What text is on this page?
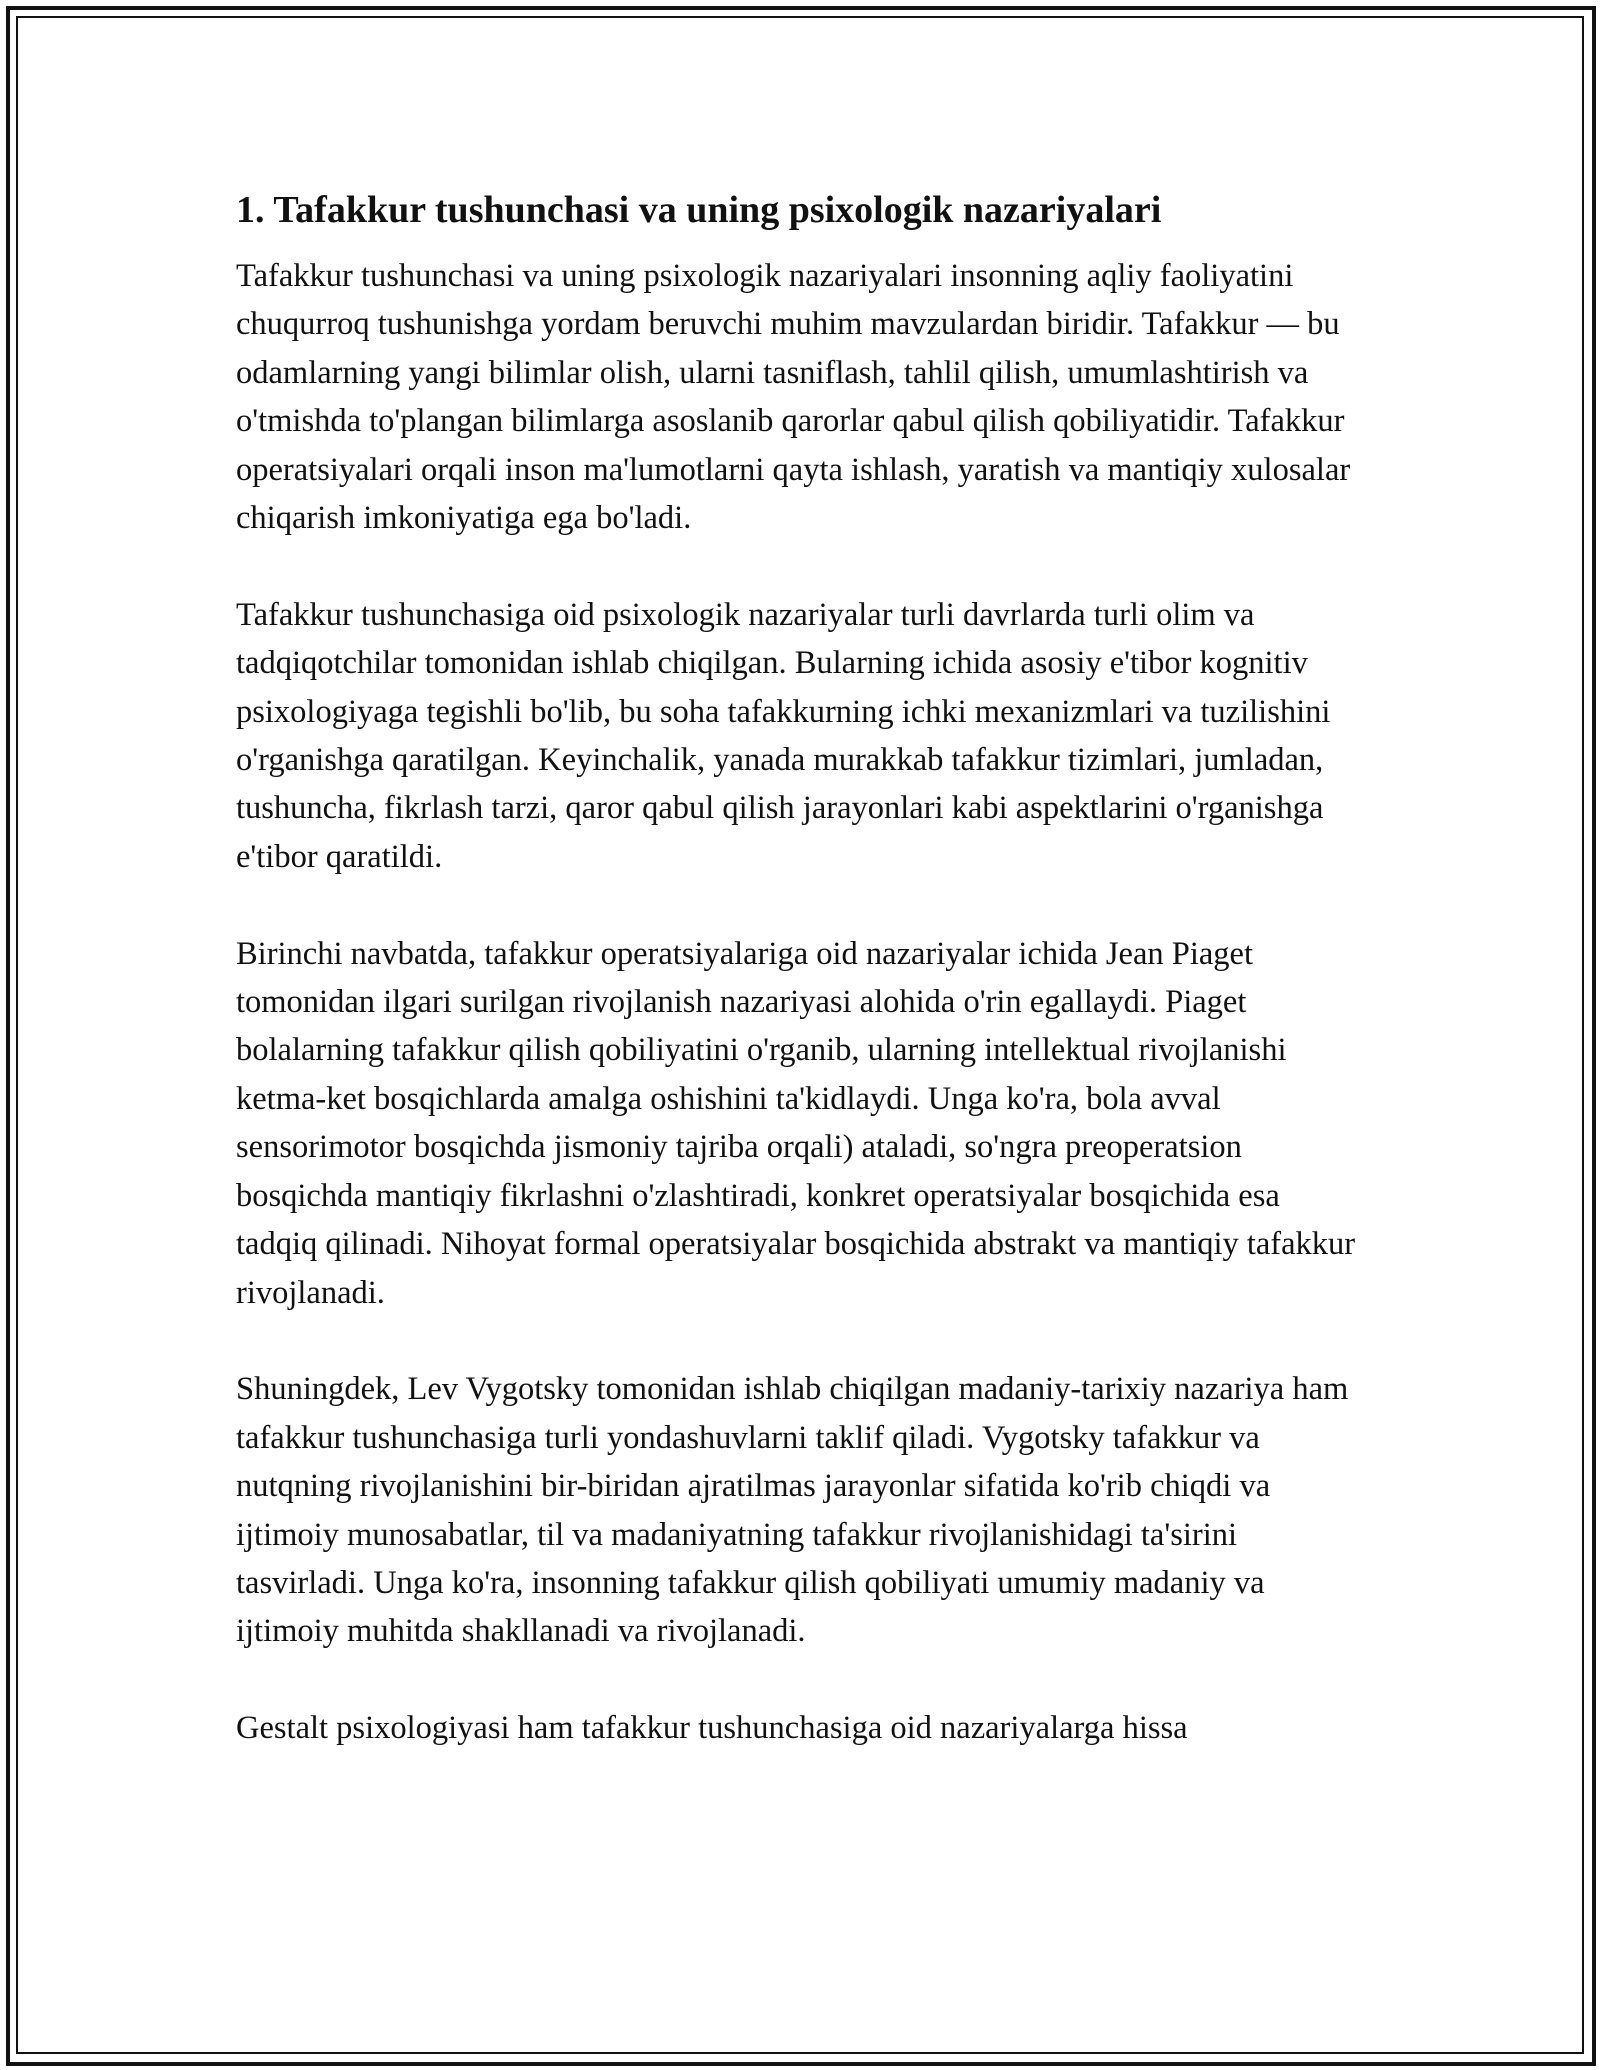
1. Tafakkur tushunchasi va uning psixologik nazariyalari

Tafakkur tushunchasi va uning psixologik nazariyalari insonning aqliy faoliyatini chuqurroq tushunishga yordam beruvchi muhim mavzulardan biridir. Tafakkur — bu odamlarning yangi bilimlar olish, ularni tasniflash, tahlil qilish, umumlashtirish va o'tmishda to'plangan bilimlarga asoslanib qarorlar qabul qilish qobiliyatidir. Tafakkur operatsiyalari orqali inson ma'lumotlarni qayta ishlash, yaratish va mantiqiy xulosalar chiqarish imkoniyatiga ega bo'ladi.

Tafakkur tushunchasiga oid psixologik nazariyalar turli davrlarda turli olim va tadqiqotchilar tomonidan ishlab chiqilgan. Bularning ichida asosiy e'tibor kognitiv psixologiyaga tegishli bo'lib, bu soha tafakkurning ichki mexanizmlari va tuzilishini o'rganishga qaratilgan. Keyinchalik, yanada murakkab tafakkur tizimlari, jumladan, tushuncha, fikrlash tarzi, qaror qabul qilish jarayonlari kabi aspektlarini o'rganishga e'tibor qaratildi.

Birinchi navbatda, tafakkur operatsiyalariga oid nazariyalar ichida Jean Piaget tomonidan ilgari surilgan rivojlanish nazariyasi alohida o'rin egallaydi. Piaget bolalarning tafakkur qilish qobiliyatini o'rganib, ularning intellektual rivojlanishi ketma-ket bosqichlarda amalga oshishini ta'kidlaydi. Unga ko'ra, bola avval sensorimotor bosqichda jismoniy tajriba orqali) ataladi, so'ngra preoperatsion bosqichda mantiqiy fikrlashni o'zlashtiradi, konkret operatsiyalar bosqichida esa tadqiq qilinadi. Nihoyat formal operatsiyalar bosqichida abstrakt va mantiqiy tafakkur rivojlanadi.

Shuningdek, Lev Vygotsky tomonidan ishlab chiqilgan madaniy-tarixiy nazariya ham tafakkur tushunchasiga turli yondashuvlarni taklif qiladi. Vygotsky tafakkur va nutqning rivojlanishini bir-biridan ajratilmas jarayonlar sifatida ko'rib chiqdi va ijtimoiy munosabatlar, til va madaniyatning tafakkur rivojlanishidagi ta'sirini tasvirladi. Unga ko'ra, insonning tafakkur qilish qobiliyati umumiy madaniy va ijtimoiy muhitda shakllanadi va rivojlanadi.

Gestalt psixologiyasi ham tafakkur tushunchasiga oid nazariyalarga hissa
